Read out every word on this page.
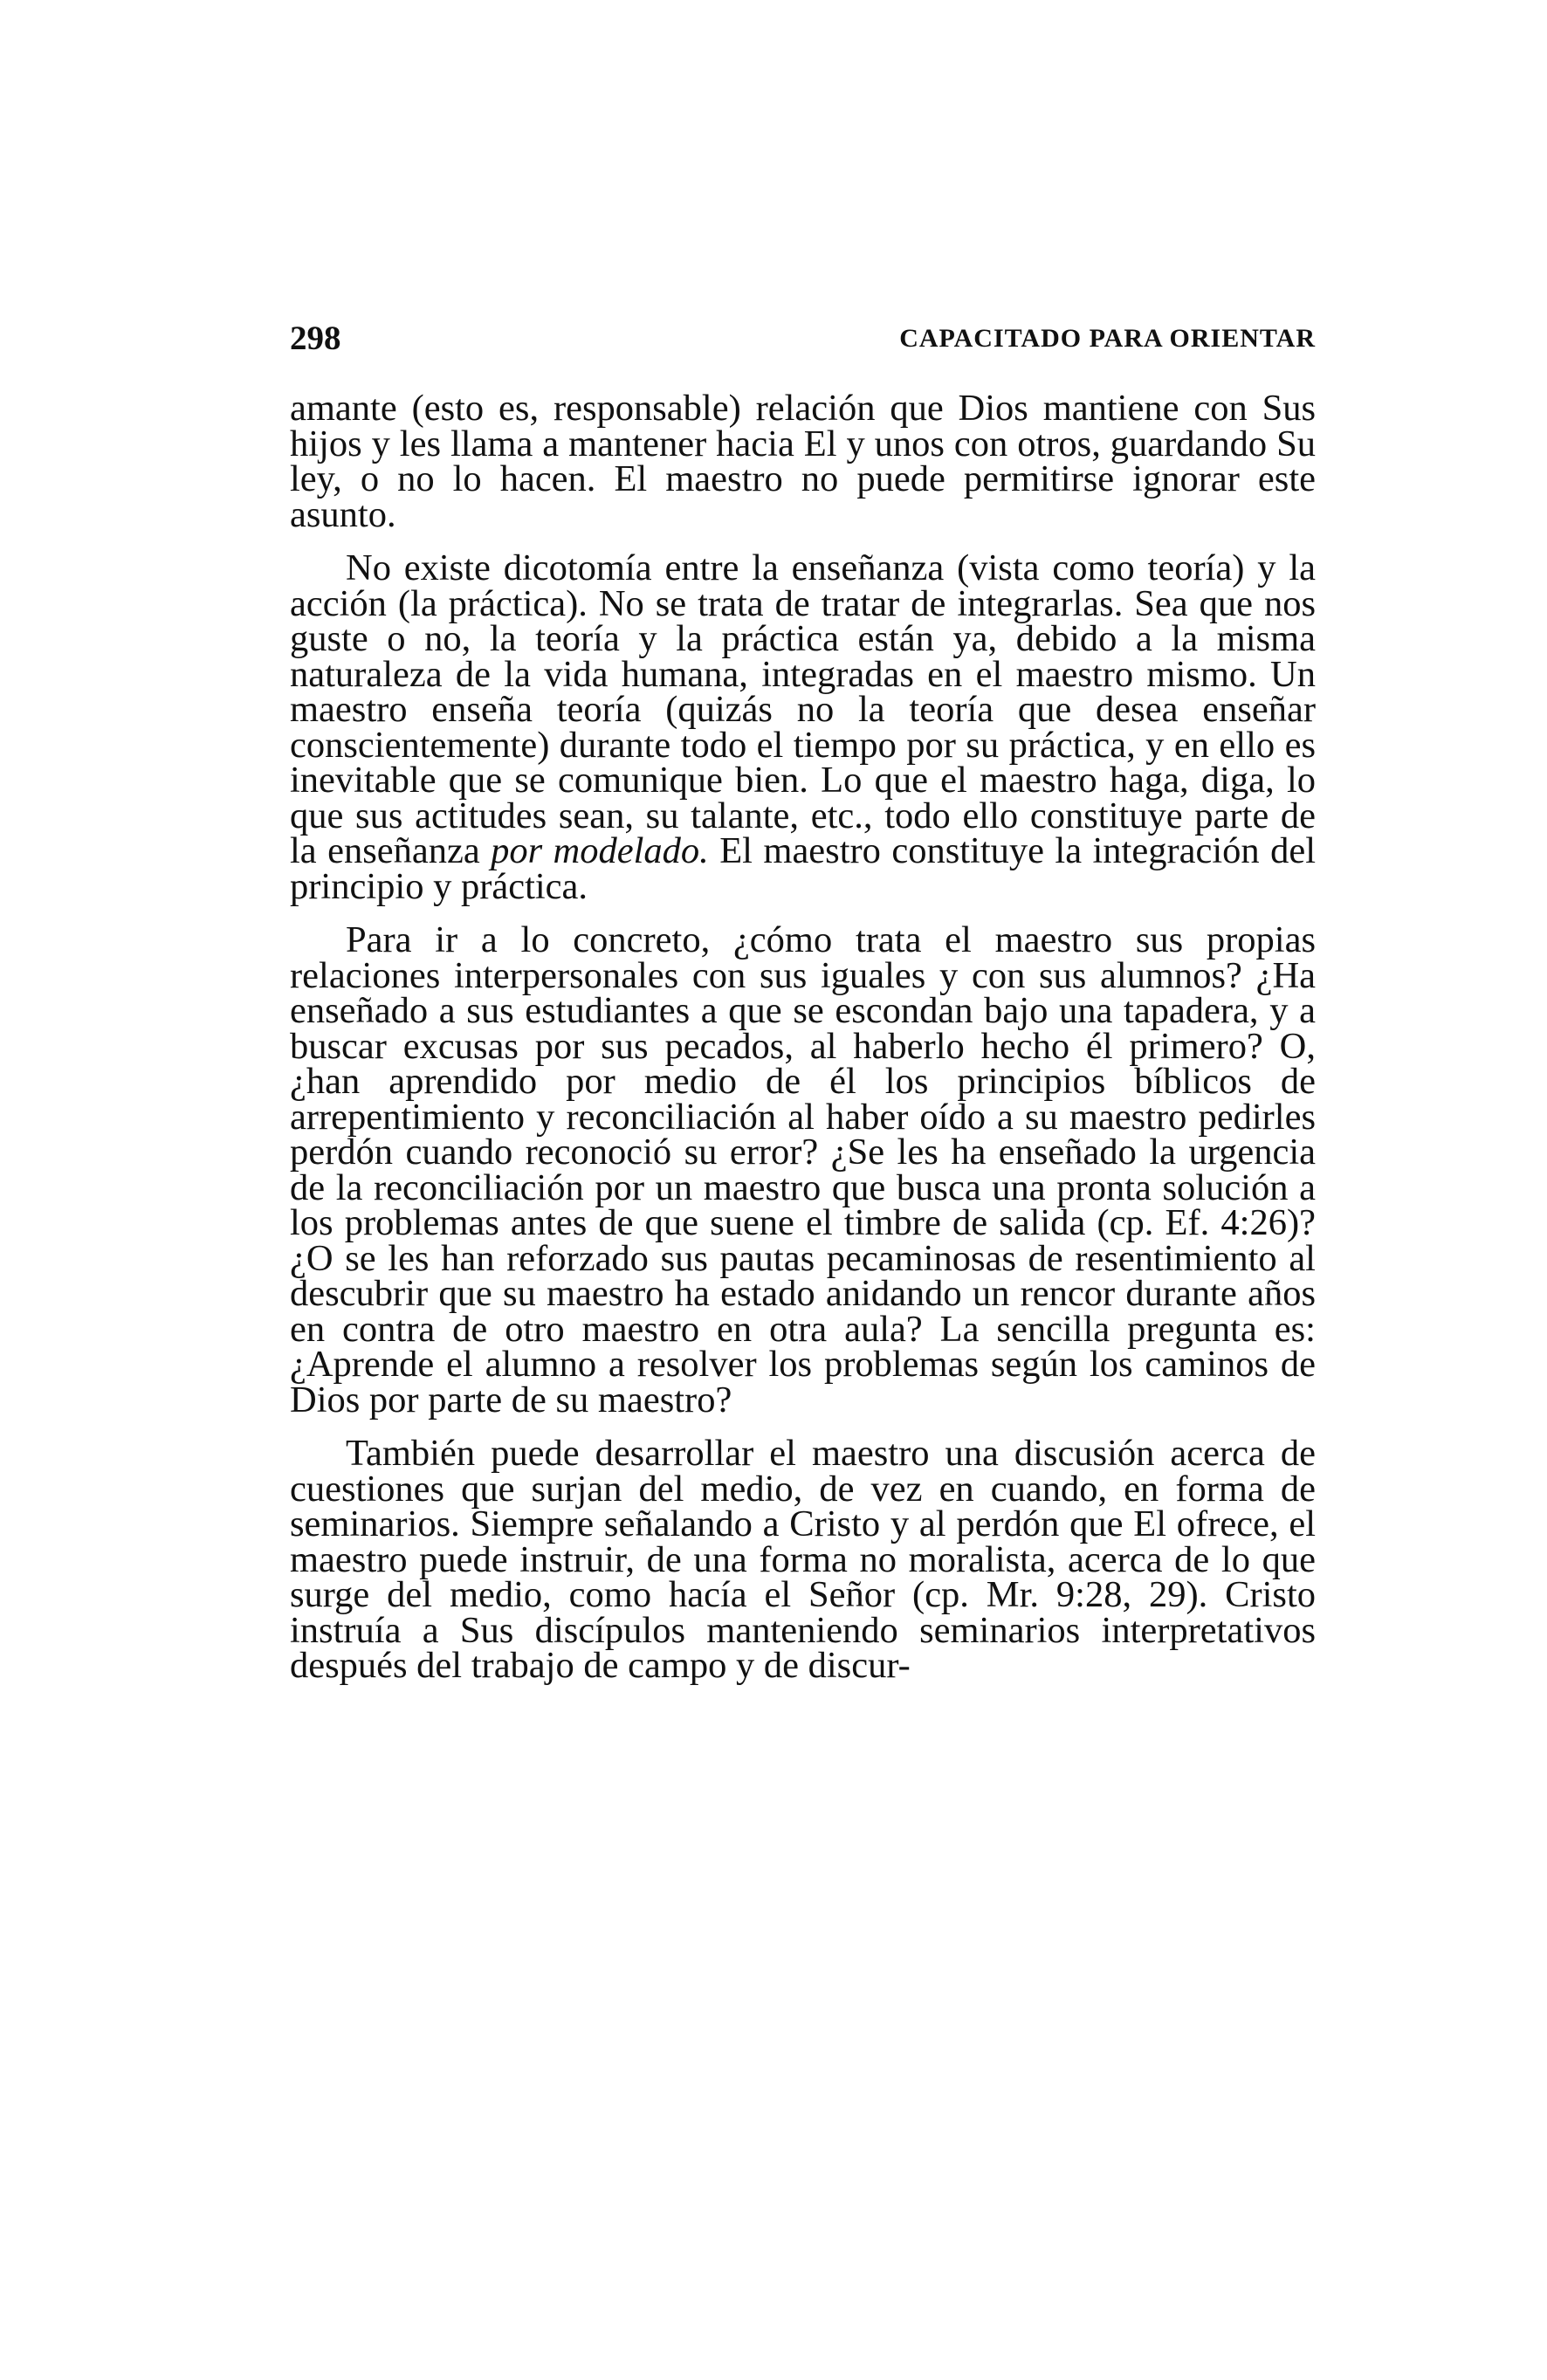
298	CAPACITADO PARA ORIENTAR

amante (esto es, responsable) relación que Dios mantiene con Sus hijos y les llama a mantener hacia El y unos con otros, guardando Su ley, o no lo hacen. El maestro no puede permitirse ignorar este asunto.

No existe dicotomía entre la enseñanza (vista como teoría) y la acción (la práctica). No se trata de tratar de integrarlas. Sea que nos guste o no, la teoría y la práctica están ya, debido a la misma naturaleza de la vida humana, integradas en el maestro mismo. Un maestro enseña teoría (quizás no la teoría que desea enseñar conscientemente) durante todo el tiempo por su práctica, y en ello es inevitable que se comunique bien. Lo que el maestro haga, diga, lo que sus actitudes sean, su talante, etc., todo ello constituye parte de la enseñanza por modelado. El maestro constituye la integración del principio y práctica.

Para ir a lo concreto, ¿cómo trata el maestro sus propias relaciones interpersonales con sus iguales y con sus alumnos? ¿Ha enseñado a sus estudiantes a que se escondan bajo una tapadera, y a buscar excusas por sus pecados, al haberlo hecho él primero? O, ¿han aprendido por medio de él los principios bíblicos de arrepentimiento y reconciliación al haber oído a su maestro pedirles perdón cuando reconoció su error? ¿Se les ha enseñado la urgencia de la reconciliación por un maestro que busca una pronta solución a los problemas antes de que suene el timbre de salida (cp. Ef. 4:26)? ¿O se les han reforzado sus pautas pecaminosas de resentimiento al descubrir que su maestro ha estado anidando un rencor durante años en contra de otro maestro en otra aula? La sencilla pregunta es: ¿Aprende el alumno a resolver los problemas según los caminos de Dios por parte de su maestro?

También puede desarrollar el maestro una discusión acerca de cuestiones que surjan del medio, de vez en cuando, en forma de seminarios. Siempre señalando a Cristo y al perdón que El ofrece, el maestro puede instruir, de una forma no moralista, acerca de lo que surge del medio, como hacía el Señor (cp. Mr. 9:28, 29). Cristo instruía a Sus discípulos manteniendo seminarios interpretativos después del trabajo de campo y de discur-
